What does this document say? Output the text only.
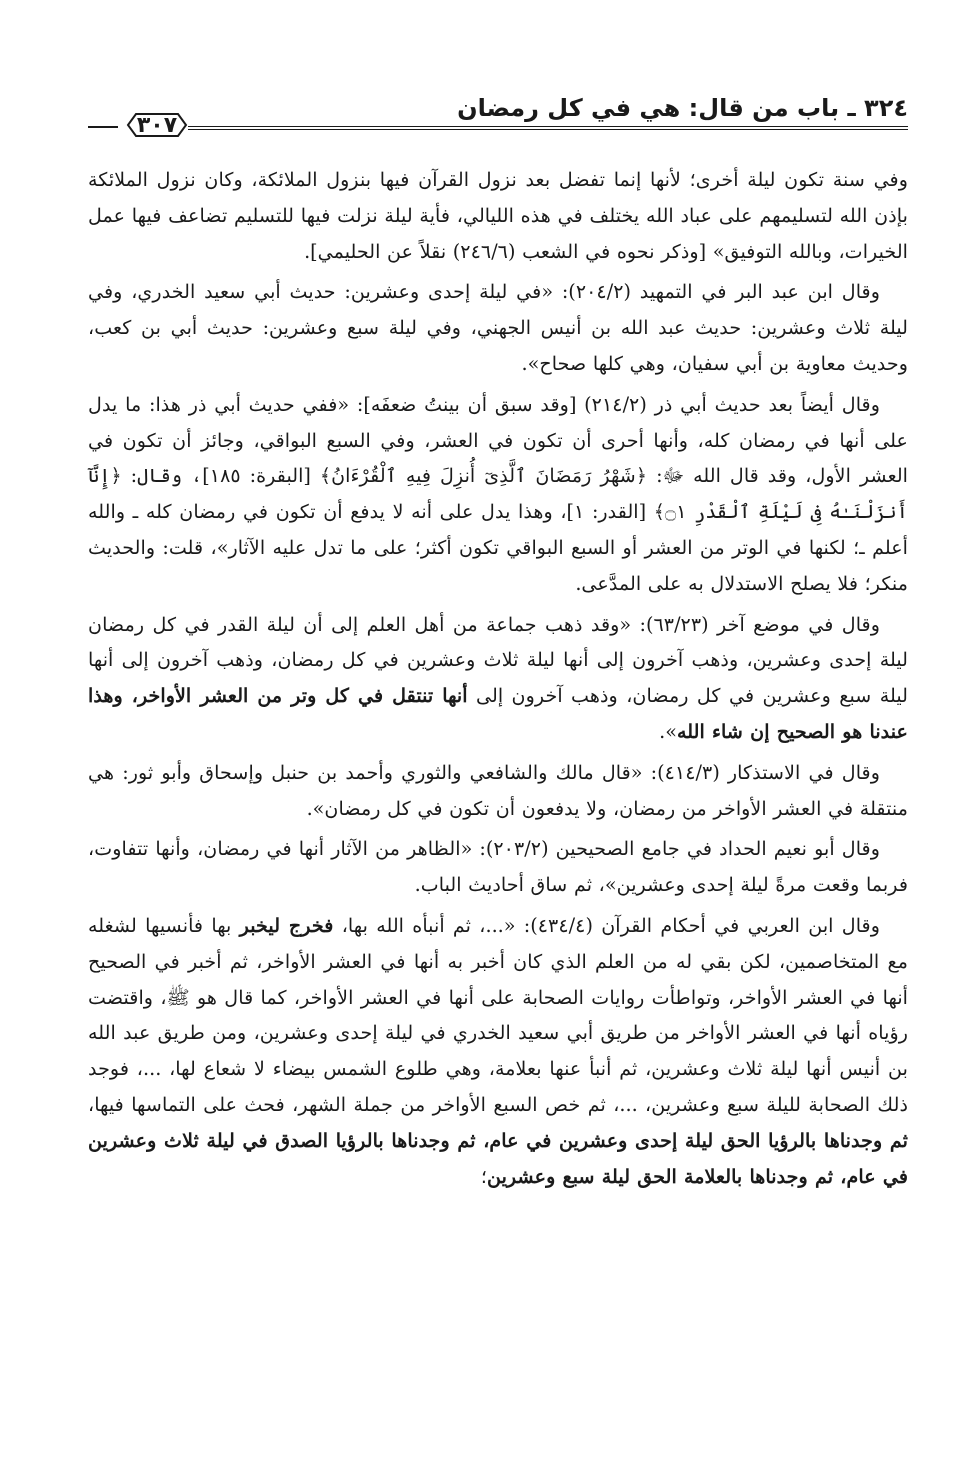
٣٢٤ ـ باب من قال: هي في كل رمضان
٣٠٧

وفي سنة تكون ليلة أخرى؛ لأنها إنما تفضل بعد نزول القرآن فيها بنزول الملائكة، وكان نزول الملائكة بإذن الله لتسليمهم على عباد الله يختلف في هذه الليالي، فأية ليلة نزلت فيها للتسليم تضاعف فيها عمل الخيرات، وبالله التوفيق» [وذكر نحوه في الشعب (٢٤٦/٦) نقلاً عن الحليمي].

وقال ابن عبد البر في التمهيد (٢٠٤/٢): «في ليلة إحدى وعشرين: حديث أبي سعيد الخدري، وفي ليلة ثلاث وعشرين: حديث عبد الله بن أنيس الجهني، وفي ليلة سبع وعشرين: حديث أبي بن كعب، وحديث معاوية بن أبي سفيان، وهي كلها صحاح».

وقال أيضاً بعد حديث أبي ذر (٢١٤/٢) [وقد سبق أن بينتُ ضعفَه]: «ففي حديث أبي ذر هذا: ما يدل على أنها في رمضان كله، وأنها أحرى أن تكون في العشر، وفي السبع البواقي، وجائز أن تكون في العشر الأول، وقد قال الله ﷻ: ﴿شَهْرُ رَمَضَانَ ٱلَّذِىٓ أُنزِلَ فِيهِ ٱلْقُرْءَانُ﴾ [البقرة: ١٨٥]، وقال: ﴿إِنَّآ أَنزَلْنَـٰهُ فِى لَيْلَةِ ٱلْقَدْرِ ۝١﴾ [القدر: ١]، وهذا يدل على أنه لا يدفع أن تكون في رمضان كله ـ والله أعلم ـ؛ لكنها في الوتر من العشر أو السبع البواقي تكون أكثر؛ على ما تدل عليه الآثار»، قلت: والحديث منكر؛ فلا يصلح الاستدلال به على المدَّعى.

وقال في موضع آخر (٦٣/٢٣): «وقد ذهب جماعة من أهل العلم إلى أن ليلة القدر في كل رمضان ليلة إحدى وعشرين، وذهب آخرون إلى أنها ليلة ثلاث وعشرين في كل رمضان، وذهب آخرون إلى أنها ليلة سبع وعشرين في كل رمضان، وذهب آخرون إلى أنها تنتقل في كل وتر من العشر الأواخر، وهذا عندنا هو الصحيح إن شاء الله».

وقال في الاستذكار (٤١٤/٣): «قال مالك والشافعي والثوري وأحمد بن حنبل وإسحاق وأبو ثور: هي منتقلة في العشر الأواخر من رمضان، ولا يدفعون أن تكون في كل رمضان».

وقال أبو نعيم الحداد في جامع الصحيحين (٢٠٣/٢): «الظاهر من الآثار أنها في رمضان، وأنها تتفاوت، فربما وقعت مرةً ليلة إحدى وعشرين»، ثم ساق أحاديث الباب.

وقال ابن العربي في أحكام القرآن (٤٣٤/٤): «...، ثم أنبأه الله بها، فخرج ليخبر بها فأنسيها لشغله مع المتخاصمين، لكن بقي له من العلم الذي كان أخبر به أنها في العشر الأواخر، ثم أخبر في الصحيح أنها في العشر الأواخر، وتواطأت روايات الصحابة على أنها في العشر الأواخر، كما قال هو ﷺ، واقتضت رؤياه أنها في العشر الأواخر من طريق أبي سعيد الخدري في ليلة إحدى وعشرين، ومن طريق عبد الله بن أنيس أنها ليلة ثلاث وعشرين، ثم أنبأ عنها بعلامة، وهي طلوع الشمس بيضاء لا شعاع لها، ...، فوجد ذلك الصحابة لليلة سبع وعشرين، ...، ثم خص السبع الأواخر من جملة الشهر، فحث على التماسها فيها، ثم وجدناها بالرؤيا الحق ليلة إحدى وعشرين في عام، ثم وجدناها بالرؤيا الصدق في ليلة ثلاث وعشرين في عام، ثم وجدناها بالعلامة الحق ليلة سبع وعشرين؛
